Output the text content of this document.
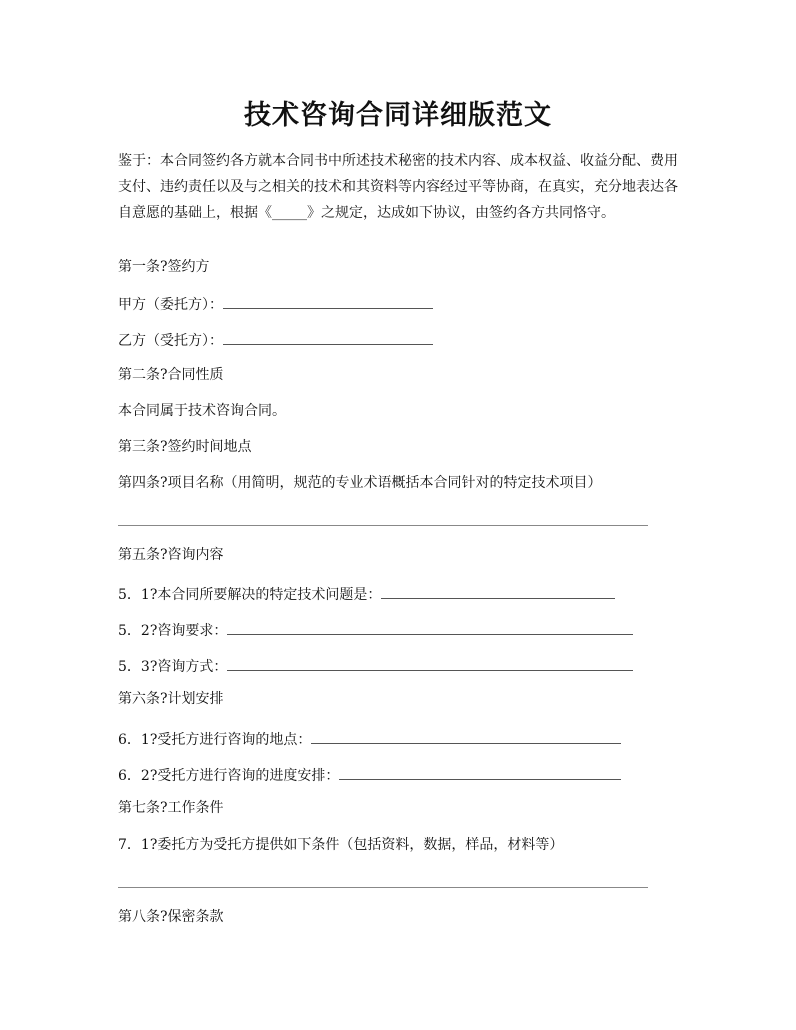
技术咨询合同详细版范文

鉴于：本合同签约各方就本合同书中所述技术秘密的技术内容、成本权益、收益分配、费用支付、违约责任以及与之相关的技术和其资料等内容经过平等协商，在真实，充分地表达各自意愿的基础上，根据《_____》之规定，达成如下协议，由签约各方共同恪守。

第一条?签约方
甲方（委托方）：
乙方（受托方）：
第二条?合同性质
本合同属于技术咨询合同。
第三条?签约时间地点
第四条?项目名称（用简明，规范的专业术语概括本合同针对的特定技术项目）
第五条?咨询内容
5．1?本合同所要解决的特定技术问题是：
5．2?咨询要求：
5．3?咨询方式：
第六条?计划安排
6．1?受托方进行咨询的地点：
6．2?受托方进行咨询的进度安排：
第七条?工作条件
7．1?委托方为受托方提供如下条件（包括资料，数据，样品，材料等）
第八条?保密条款
